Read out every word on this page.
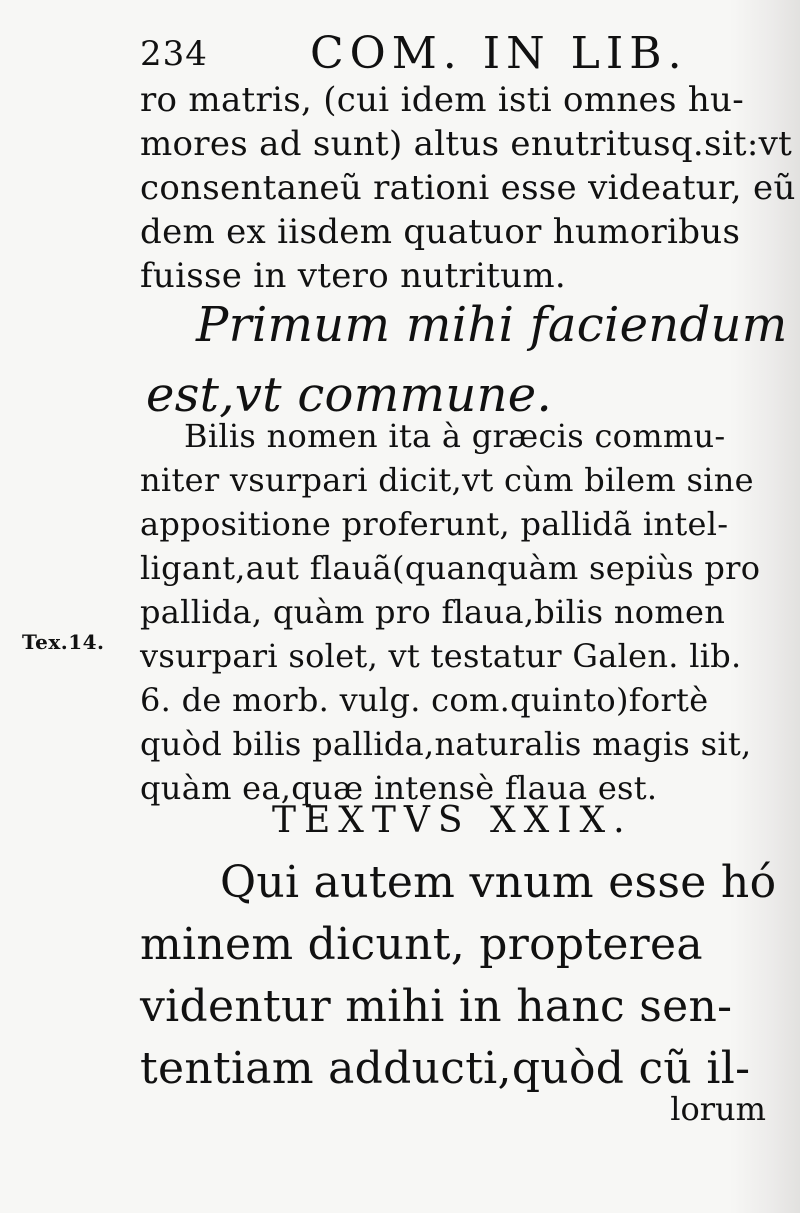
234 COM. IN LIB.
ro matris, (cui idem isti omnes hu-
mores ad sunt) altus enutritusq.sit:vt
consentaneũ rationi esse videatur, eũ
dem ex iisdem quatuor humoribus
fuisse in vtero nutritum.
Primum mihi faciendum
est,vt commune.
Bilis nomen ita à græcis commu-
niter vsurpari dicit,vt cùm bilem sine
appositione proferunt, pallidã intel-
ligant,aut flauã(quanquàm sepiùs pro
pallida, quàm pro flaua,bilis nomen
vsurpari solet, vt testatur Galen. lib.
6. de morb. vulg. com.quinto)fortè
quòd bilis pallida,naturalis magis sit,
quàm ea,quæ intensè flaua est.
Tex.14.
TEXTVS XXIX.
Qui autem vnum esse hó
minem dicunt, propterea
videntur mihi in hanc sen-
tentiam adducti,quòd cũ il-
lorum
